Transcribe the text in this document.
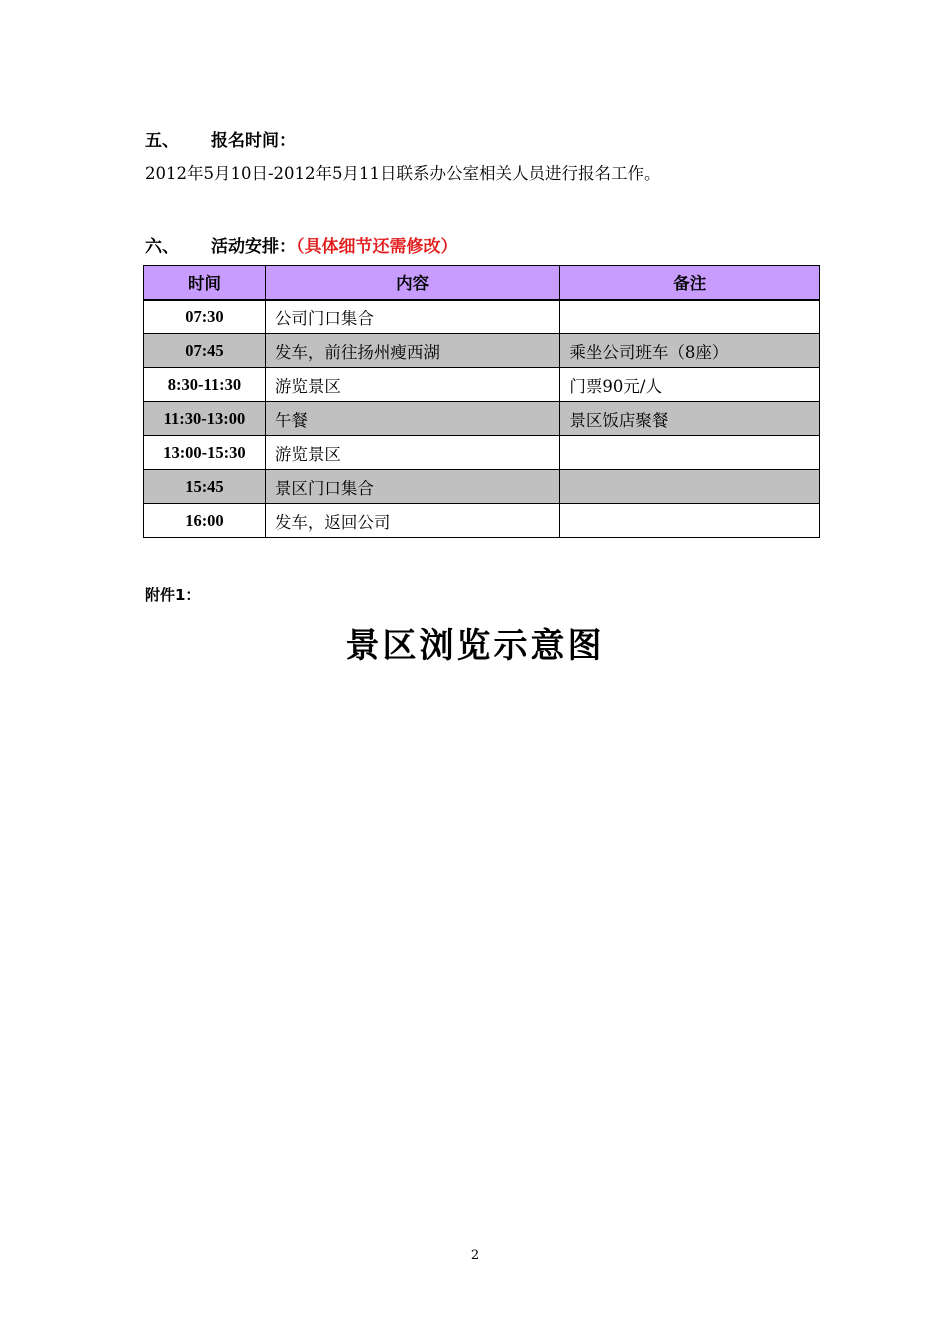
五、 报名时间：
2012年5月10日-2012年5月11日联系办公室相关人员进行报名工作。
六、 活动安排：（具体细节还需修改）
时间	内容	备注
07:30	公司门口集合	
07:45	发车，前往扬州瘦西湖	乘坐公司班车（8座）
8:30-11:30	游览景区	门票90元/人
11:30-13:00	午餐	景区饭店聚餐
13:00-15:30	游览景区	
15:45	景区门口集合	
16:00	发车，返回公司	
附件1：
景区浏览示意图
2
